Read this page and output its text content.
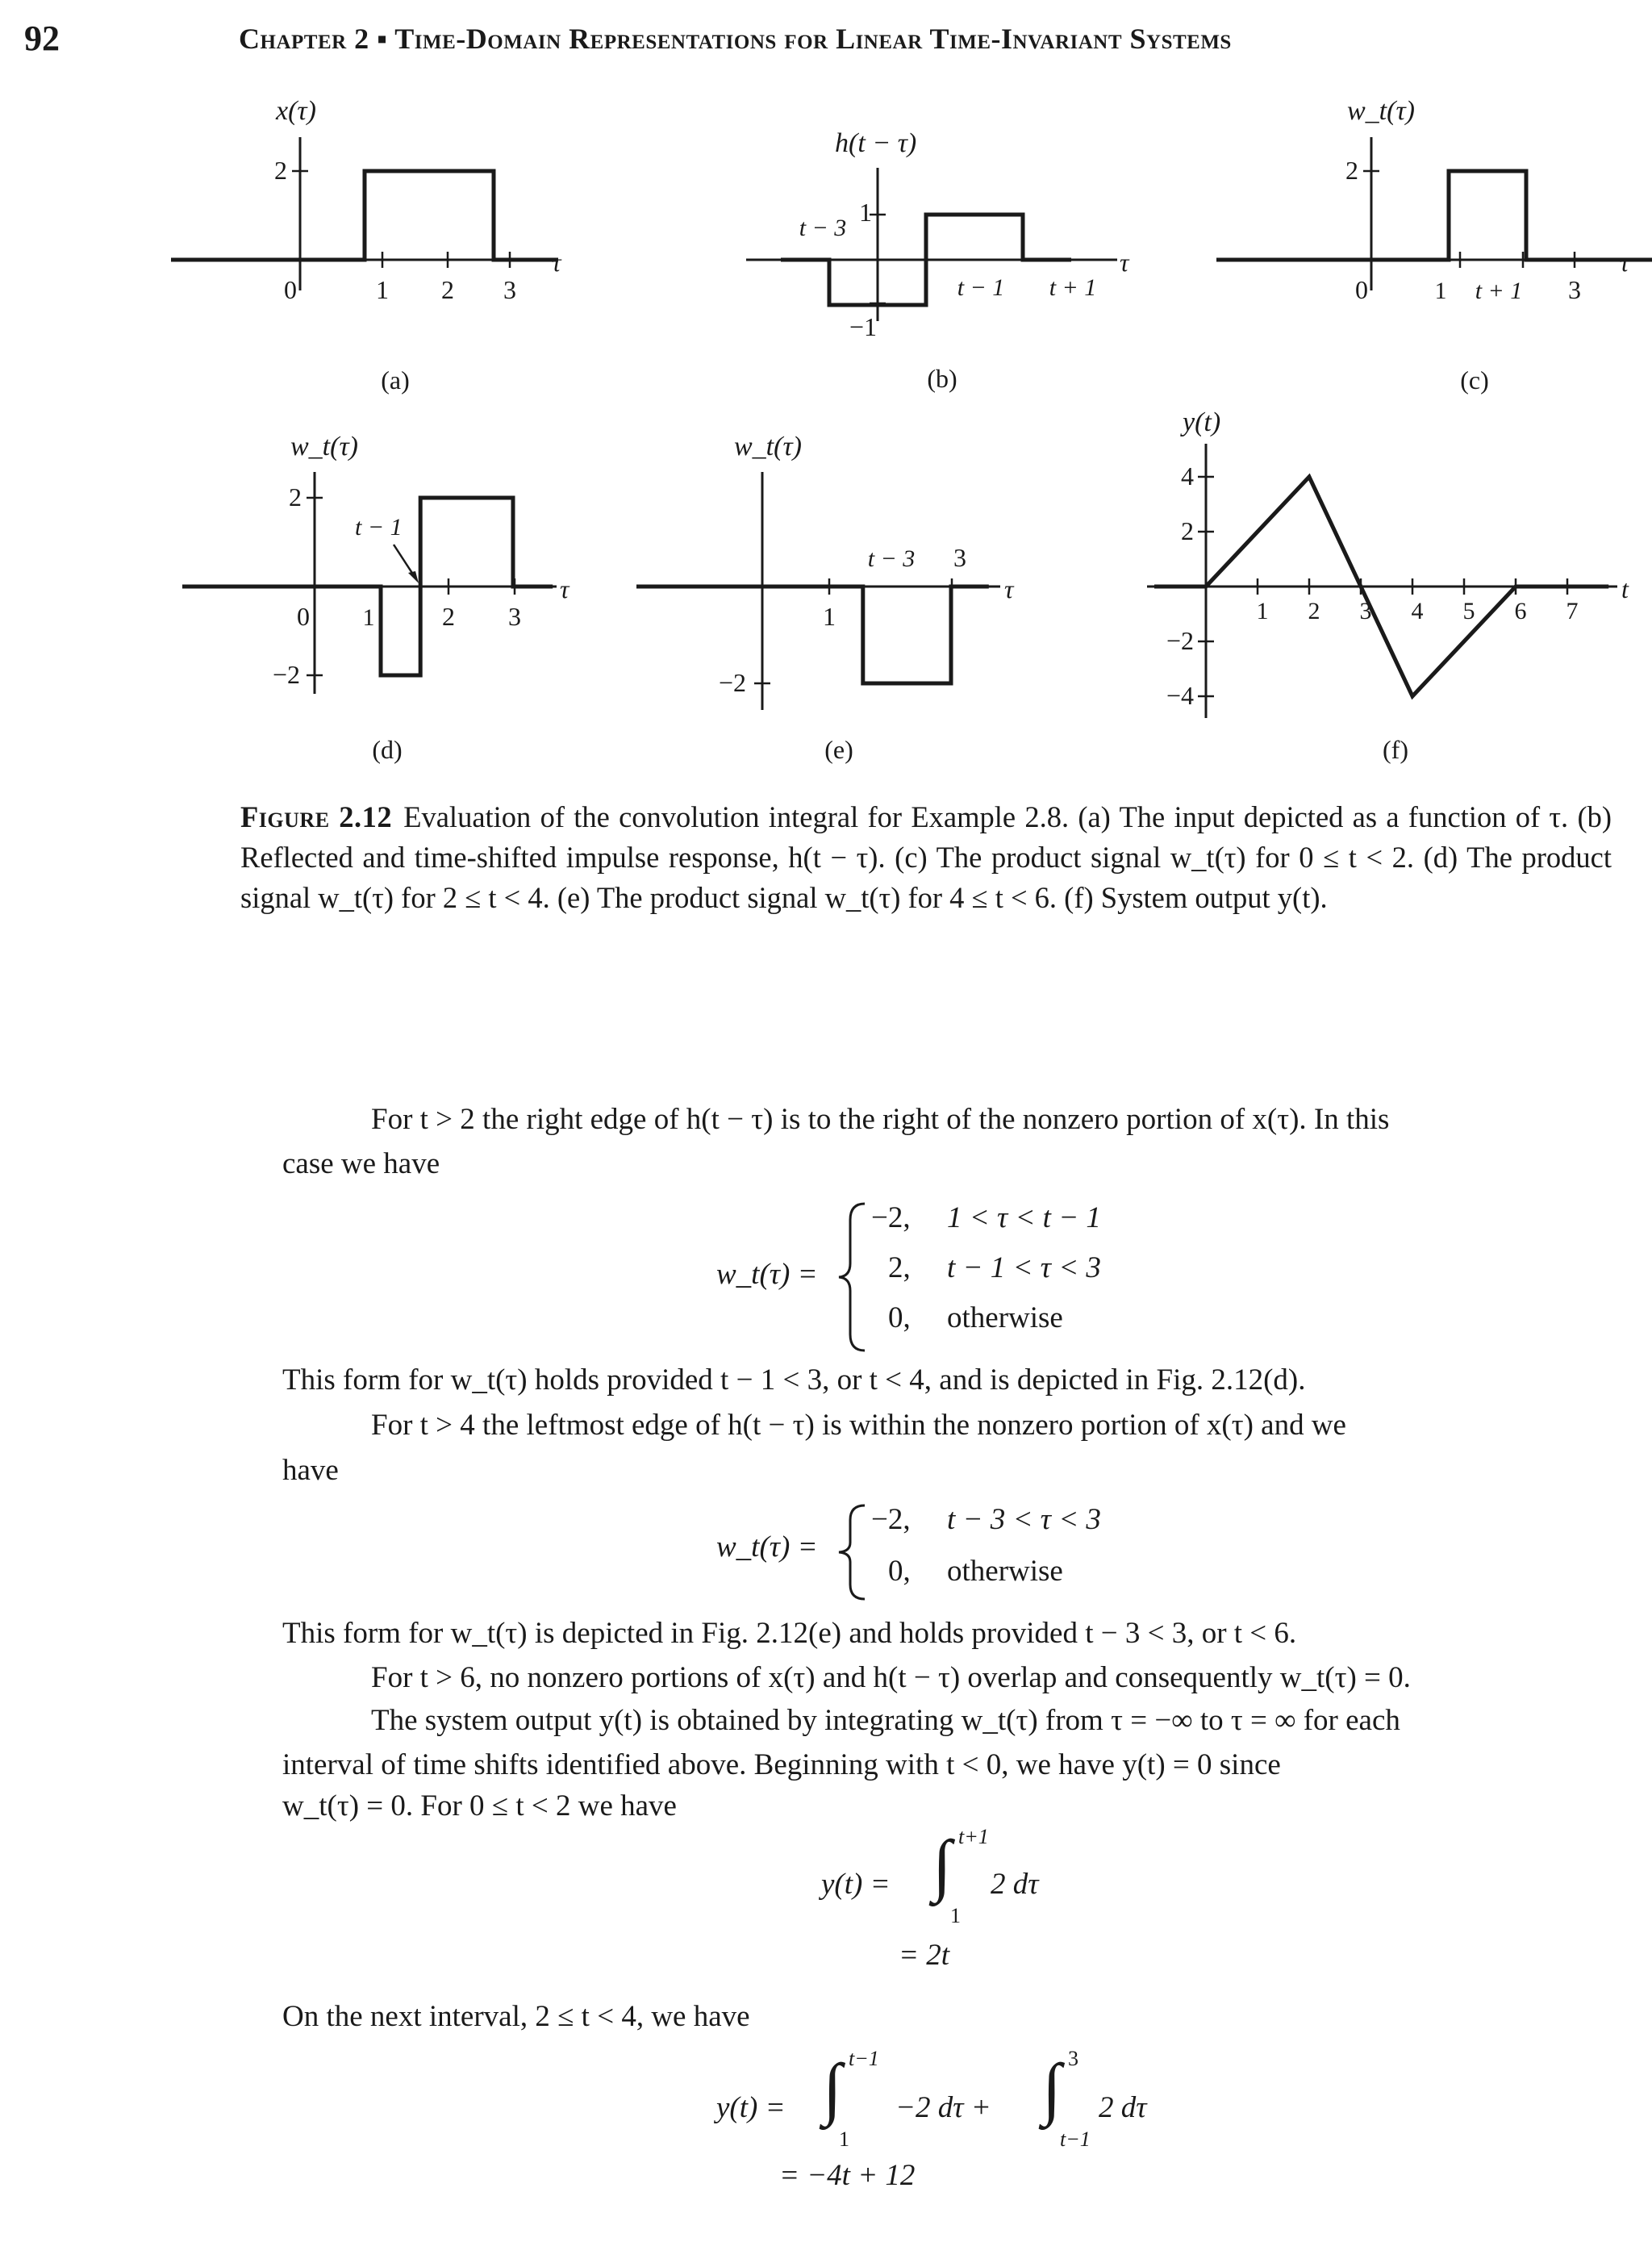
92	Chapter 2 ▪ Time-Domain Representations for Linear Time-Invariant Systems
x(τ)
2
0	1 2 3
τ
(a)
h(t − τ)
1
−1
t − 3
t − 1 t + 1
τ
(b)
w_t(τ)
2
0	1 t + 1 3
τ
(c)
w_t(τ)
2
−2
0 1	2 3
t − 1
τ
(d)
w_t(τ)
−2
1
t − 3 3
τ
(e)
y(t)
4
2
−2
−4
1 2 3 4 5 6 7
t
(f)
Figure 2.12 Evaluation of the convolution integral for Example 2.8. (a) The input depicted as a function of τ. (b) Reflected and time-shifted impulse response, h(t − τ). (c) The product signal w_t(τ) for 0 ≤ t < 2. (d) The product signal w_t(τ) for 2 ≤ t < 4. (e) The product signal w_t(τ) for 4 ≤ t < 6. (f) System output y(t).
For t > 2 the right edge of h(t − τ) is to the right of the nonzero portion of x(τ). In this
case we have
w_t(τ) =
−2, 1 < τ < t − 1
2, t − 1 < τ < 3
0, otherwise
This form for w_t(τ) holds provided t − 1 < 3, or t < 4, and is depicted in Fig. 2.12(d).
For t > 4 the leftmost edge of h(t − τ) is within the nonzero portion of x(τ) and we
have
w_t(τ) =
−2, t − 3 < τ < 3
0, otherwise
This form for w_t(τ) is depicted in Fig. 2.12(e) and holds provided t − 3 < 3, or t < 6.
For t > 6, no nonzero portions of x(τ) and h(t − τ) overlap and consequently w_t(τ) = 0.
The system output y(t) is obtained by integrating w_t(τ) from τ = −∞ to τ = ∞ for each
interval of time shifts identified above. Beginning with t < 0, we have y(t) = 0 since
w_t(τ) = 0. For 0 ≤ t < 2 we have
y(t) = ∫ t+1
1
2 dτ
= 2t
On the next interval, 2 ≤ t < 4, we have
y(t) = ∫ t−1
1
−2 dτ + ∫ 3
t−1
2 dτ
= −4t + 12
